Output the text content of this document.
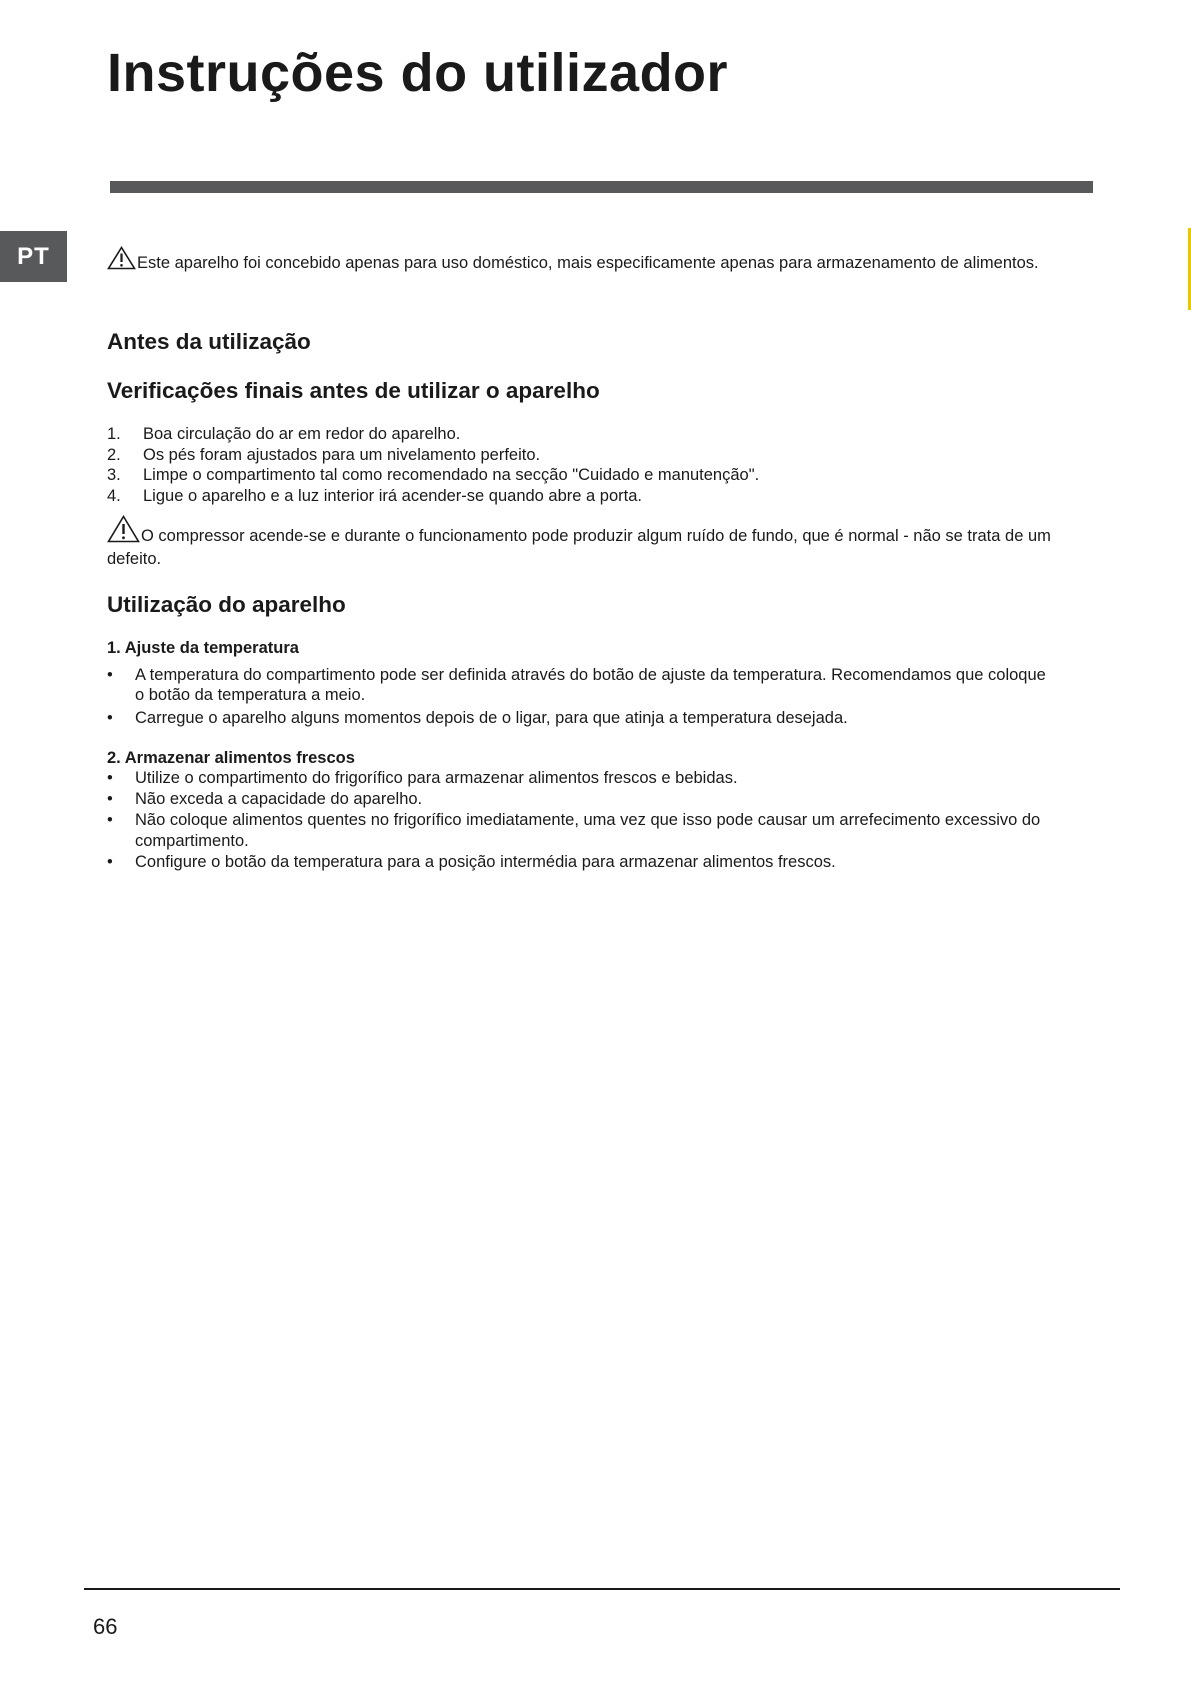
Instruções do utilizador
PT	Este aparelho foi concebido apenas para uso doméstico, mais especificamente apenas para armazenamento de alimentos.

Antes da utilização
Verificações finais antes de utilizar o aparelho
1. Boa circulação do ar em redor do aparelho.
2. Os pés foram ajustados para um nivelamento perfeito.
3. Limpe o compartimento tal como recomendado na secção "Cuidado e manutenção".
4. Ligue o aparelho e a luz interior irá acender-se quando abre a porta.

O compressor acende-se e durante o funcionamento pode produzir algum ruído de fundo, que é normal - não se trata de um defeito.

Utilização do aparelho
1. Ajuste da temperatura
• A temperatura do compartimento pode ser definida através do botão de ajuste da temperatura. Recomendamos que coloque o botão da temperatura a meio.
• Carregue o aparelho alguns momentos depois de o ligar, para que atinja a temperatura desejada.
2. Armazenar alimentos frescos
• Utilize o compartimento do frigorífico para armazenar alimentos frescos e bebidas.
• Não exceda a capacidade do aparelho.
• Não coloque alimentos quentes no frigorífico imediatamente, uma vez que isso pode causar um arrefecimento excessivo do compartimento.
• Configure o botão da temperatura para a posição intermédia para armazenar alimentos frescos.
66
